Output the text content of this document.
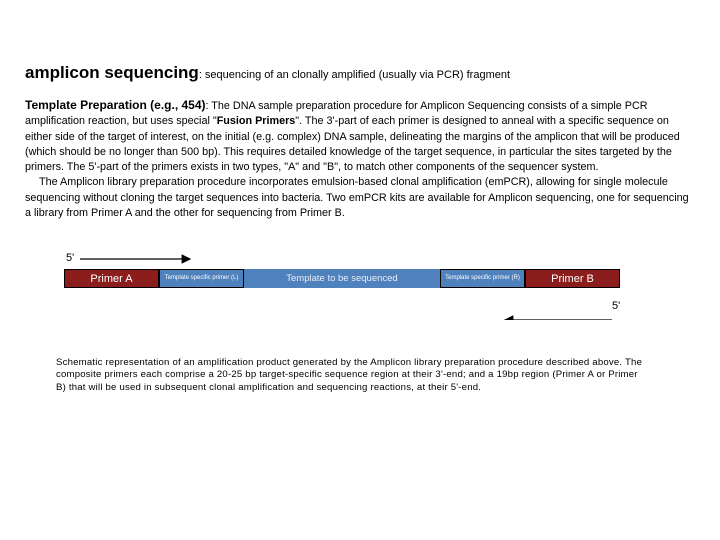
amplicon sequencing: sequencing of an clonally amplified (usually via PCR) fragment
Template Preparation (e.g., 454): The DNA sample preparation procedure for Amplicon Sequencing consists of a simple PCR amplification reaction, but uses special "Fusion Primers". The 3'-part of each primer is designed to anneal with a specific sequence on either side of the target of interest, on the initial (e.g. complex) DNA sample, delineating the margins of the amplicon that will be produced (which should be no longer than 500 bp). This requires detailed knowledge of the target sequence, in particular the sites targeted by the primers. The 5'-part of the primers exists in two types, "A" and "B", to match other components of the sequencer system.
The Amplicon library preparation procedure incorporates emulsion-based clonal amplification (emPCR), allowing for single molecule sequencing without cloning the target sequences into bacteria. Two emPCR kits are available for Amplicon sequencing, one for sequencing a library from Primer A and the other for sequencing from Primer B.
5'
Primer A	Template specific primer (L)	Template to be sequenced	Template specific primer (R)	Primer B
5'
Schematic representation of an amplification product generated by the Amplicon library preparation procedure described above. The composite primers each comprise a 20-25 bp target-specific sequence region at their 3'-end; and a 19bp region (Primer A or Primer B) that will be used in subsequent clonal amplification and sequencing reactions, at their 5'-end.
